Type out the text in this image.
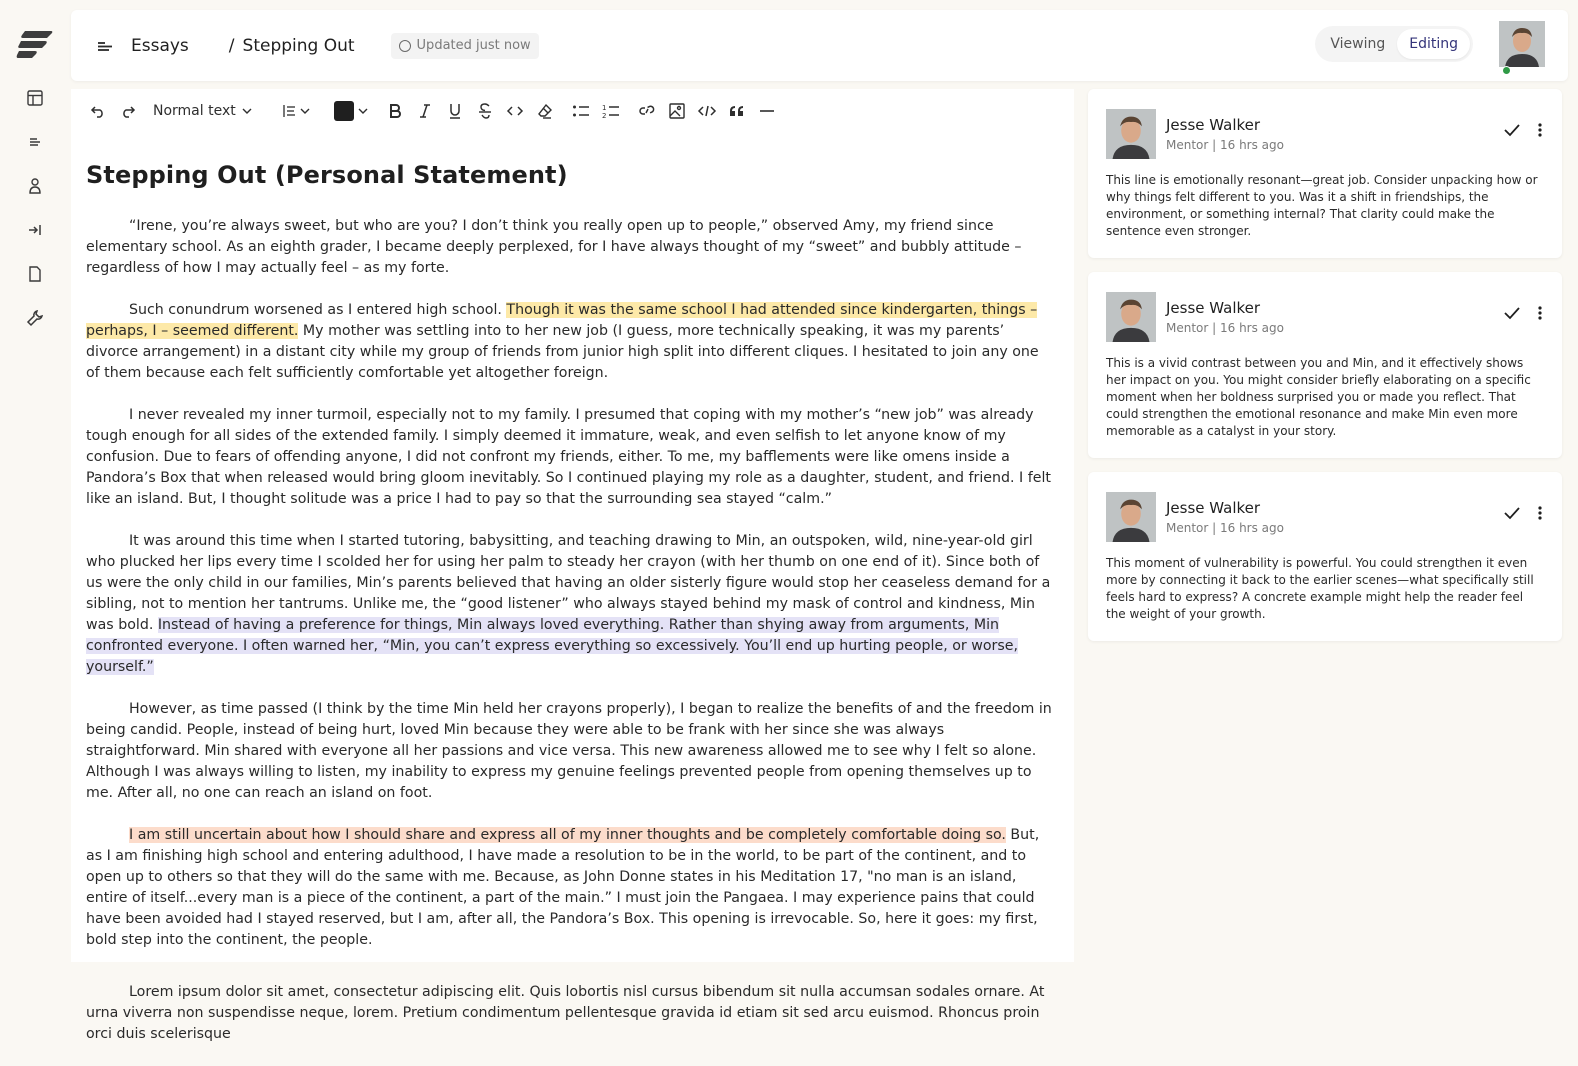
Essays / Stepping Out	Updated just now	Viewing	Editing
Normal text	1
2
Stepping Out (Personal Statement)

“Irene, you’re always sweet, but who are you? I don’t think you really open up to people,” observed Amy, my friend since elementary school. As an eighth grader, I became deeply perplexed, for I have always thought of my “sweet” and bubbly attitude – regardless of how I may actually feel – as my forte.

Such conundrum worsened as I entered high school. Though it was the same school I had attended since kindergarten, things – perhaps, I – seemed different. My mother was settling into to her new job (I guess, more technically speaking, it was my parents’ divorce arrangement) in a distant city while my group of friends from junior high split into different cliques. I hesitated to join any one of them because each felt sufficiently comfortable yet altogether foreign.

I never revealed my inner turmoil, especially not to my family. I presumed that coping with my mother’s “new job” was already tough enough for all sides of the extended family. I simply deemed it immature, weak, and even selfish to let anyone know of my confusion. Due to fears of offending anyone, I did not confront my friends, either. To me, my bafflements were like omens inside a Pandora’s Box that when released would bring gloom inevitably. So I continued playing my role as a daughter, student, and friend. I felt like an island. But, I thought solitude was a price I had to pay so that the surrounding sea stayed “calm.”

It was around this time when I started tutoring, babysitting, and teaching drawing to Min, an outspoken, wild, nine-year-old girl who plucked her lips every time I scolded her for using her palm to steady her crayon (with her thumb on one end of it). Since both of us were the only child in our families, Min’s parents believed that having an older sisterly figure would stop her ceaseless demand for a sibling, not to mention her tantrums. Unlike me, the “good listener” who always stayed behind my mask of control and kindness, Min was bold. Instead of having a preference for things, Min always loved everything. Rather than shying away from arguments, Min confronted everyone. I often warned her, “Min, you can’t express everything so excessively. You’ll end up hurting people, or worse, yourself.”

However, as time passed (I think by the time Min held her crayons properly), I began to realize the benefits of and the freedom in being candid. People, instead of being hurt, loved Min because they were able to be frank with her since she was always straightforward. Min shared with everyone all her passions and vice versa. This new awareness allowed me to see why I felt so alone. Although I was always willing to listen, my inability to express my genuine feelings prevented people from opening themselves up to me. After all, no one can reach an island on foot.

I am still uncertain about how I should share and express all of my inner thoughts and be completely comfortable doing so. But, as I am finishing high school and entering adulthood, I have made a resolution to be in the world, to be part of the continent, and to open up to others so that they will do the same with me. Because, as John Donne states in his Meditation 17, "no man is an island, entire of itself...every man is a piece of the continent, a part of the main.” I must join the Pangaea. I may experience pains that could have been avoided had I stayed reserved, but I am, after all, the Pandora’s Box. This opening is irrevocable. So, here it goes: my first, bold step into the continent, the people.

Lorem ipsum dolor sit amet, consectetur adipiscing elit. Quis lobortis nisl cursus bibendum sit nulla accumsan sodales ornare. At urna viverra non suspendisse neque, lorem. Pretium condimentum pellentesque gravida id etiam sit sed arcu euismod. Rhoncus proin orci duis scelerisque

Jesse Walker
Mentor | 16 hrs ago
This line is emotionally resonant—great job. Consider unpacking how or why things felt different to you. Was it a shift in friendships, the environment, or something internal? That clarity could make the sentence even stronger.
Jesse Walker
Mentor | 16 hrs ago
This is a vivid contrast between you and Min, and it effectively shows her impact on you. You might consider briefly elaborating on a specific moment when her boldness surprised you or made you reflect. That could strengthen the emotional resonance and make Min even more memorable as a catalyst in your story.
Jesse Walker
Mentor | 16 hrs ago
This moment of vulnerability is powerful. You could strengthen it even more by connecting it back to the earlier scenes—what specifically still feels hard to express? A concrete example might help the reader feel the weight of your growth.
